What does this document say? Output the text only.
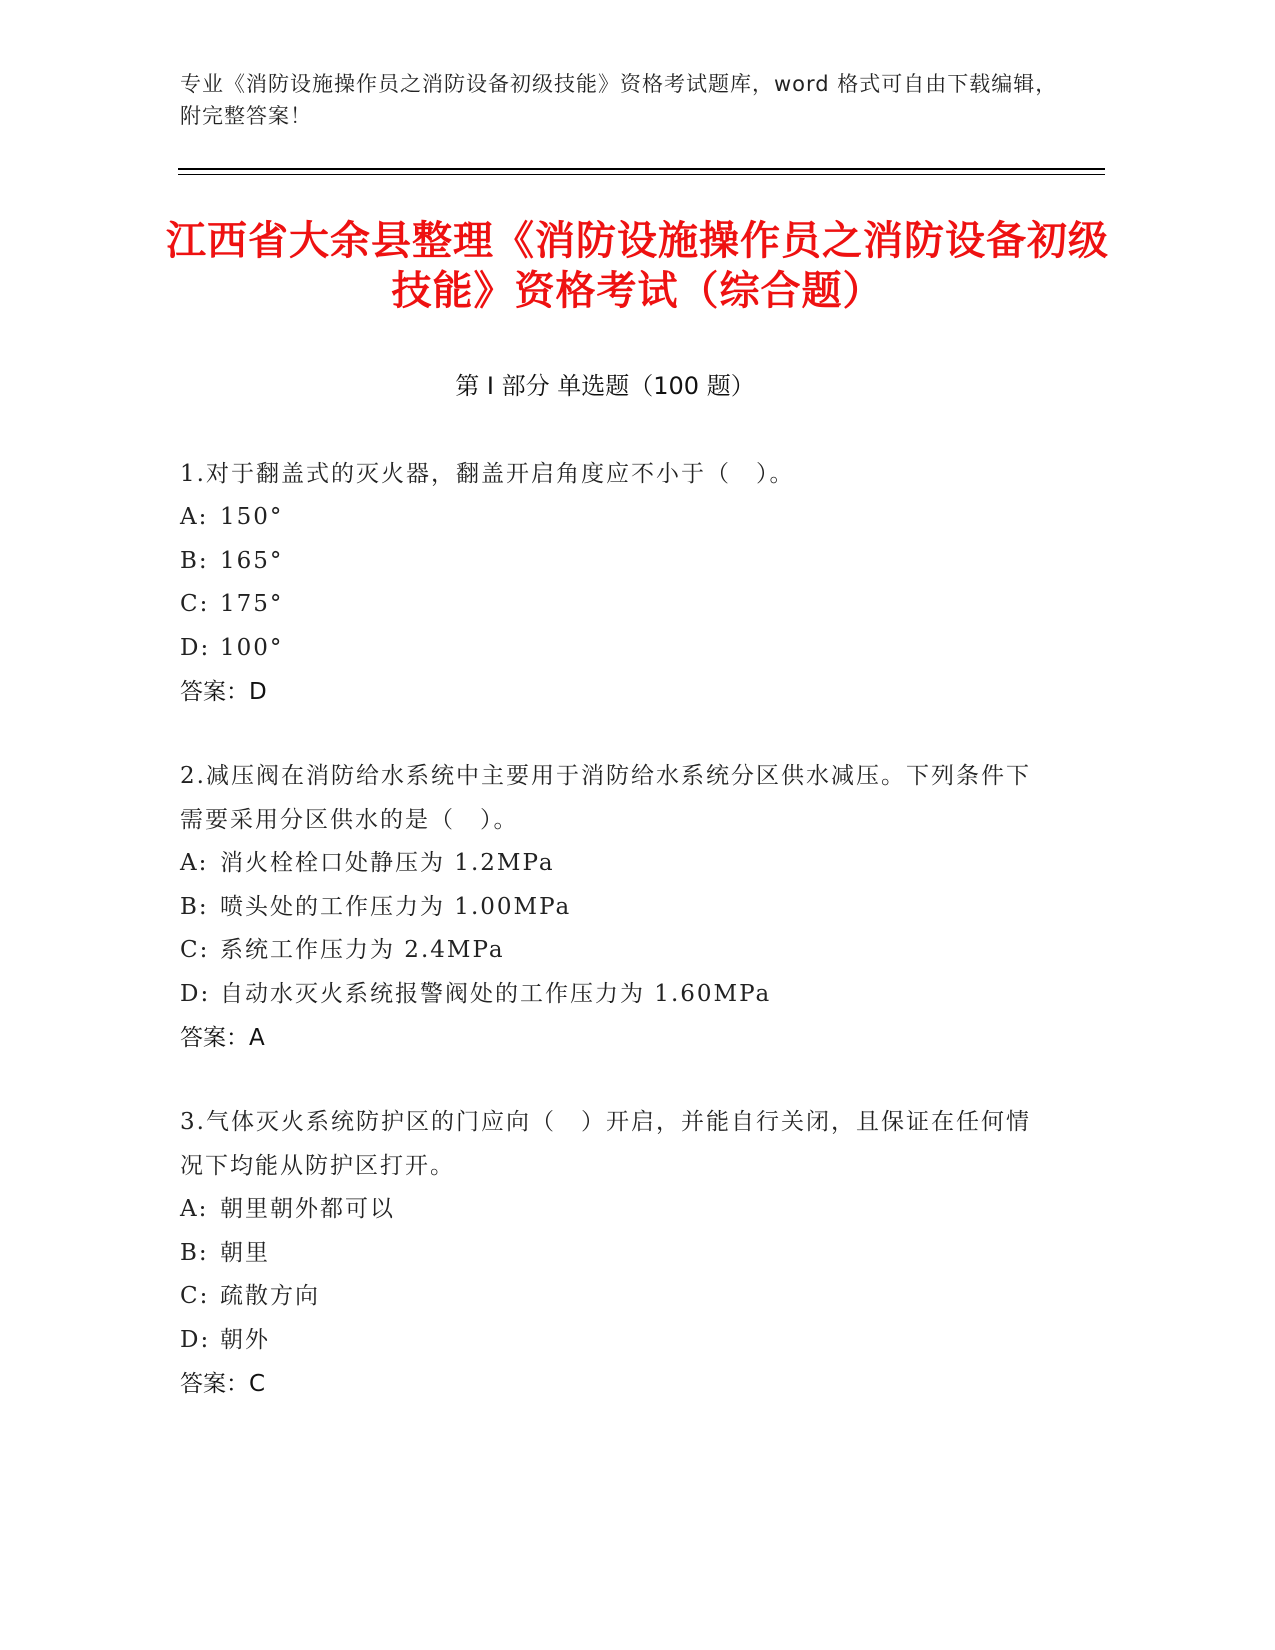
专业《消防设施操作员之消防设备初级技能》资格考试题库，word 格式可自由下载编辑，附完整答案！
江西省大余县整理《消防设施操作员之消防设备初级技能》资格考试（综合题）
第 I 部分 单选题（100 题）
1.对于翻盖式的灭火器，翻盖开启角度应不小于（　）。
A: 150°
B: 165°
C: 175°
D: 100°
答案：D
2.减压阀在消防给水系统中主要用于消防给水系统分区供水减压。下列条件下需要采用分区供水的是（　）。
A: 消火栓栓口处静压为 1.2MPa
B: 喷头处的工作压力为 1.00MPa
C: 系统工作压力为 2.4MPa
D: 自动水灭火系统报警阀处的工作压力为 1.60MPa
答案：A
3.气体灭火系统防护区的门应向（　）开启，并能自行关闭，且保证在任何情况下均能从防护区打开。
A: 朝里朝外都可以
B: 朝里
C: 疏散方向
D: 朝外
答案：C
